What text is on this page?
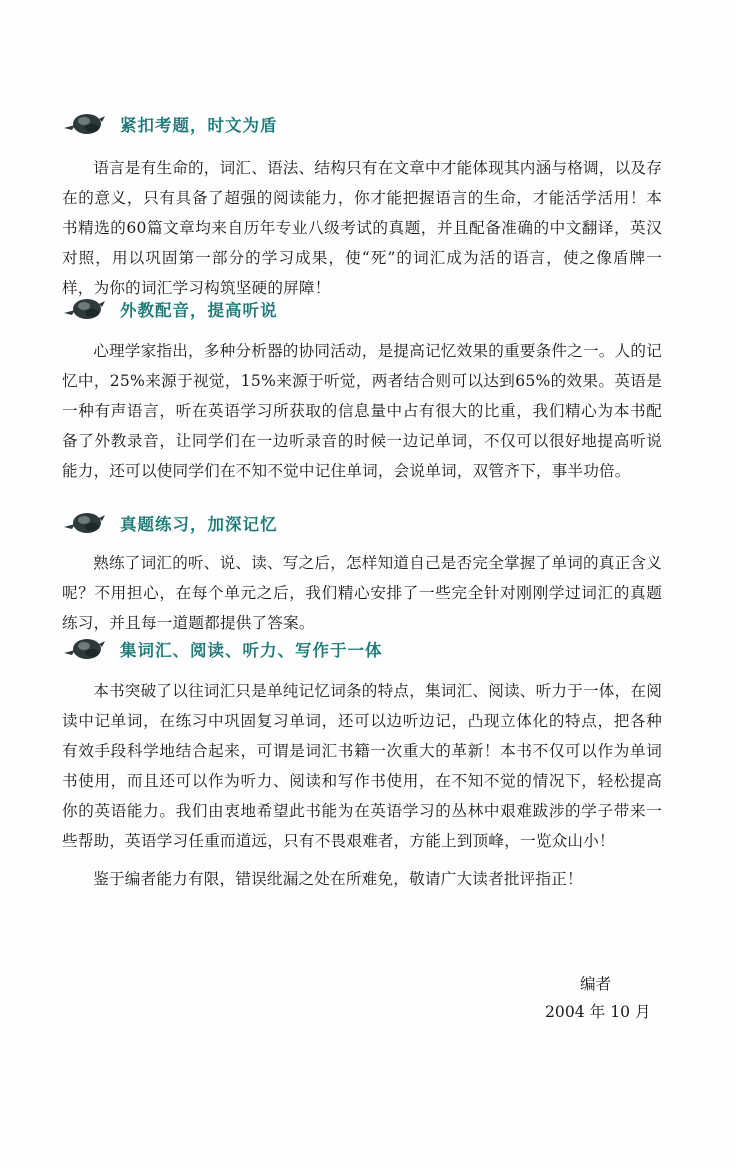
紧扣考题，时文为盾

语言是有生命的，词汇、语法、结构只有在文章中才能体现其内涵与格调，以及存在的意义，只有具备了超强的阅读能力，你才能把握语言的生命，才能活学活用！本书精选的60篇文章均来自历年专业八级考试的真题，并且配备准确的中文翻译，英汉对照，用以巩固第一部分的学习成果，使“死”的词汇成为活的语言，使之像盾牌一样，为你的词汇学习构筑坚硬的屏障！

外教配音，提高听说

心理学家指出，多种分析器的协同活动，是提高记忆效果的重要条件之一。人的记忆中，25%来源于视觉，15%来源于听觉，两者结合则可以达到65%的效果。英语是一种有声语言，听在英语学习所获取的信息量中占有很大的比重，我们精心为本书配备了外教录音，让同学们在一边听录音的时候一边记单词，不仅可以很好地提高听说能力，还可以使同学们在不知不觉中记住单词，会说单词，双管齐下，事半功倍。

真题练习，加深记忆

熟练了词汇的听、说、读、写之后，怎样知道自己是否完全掌握了单词的真正含义呢？不用担心，在每个单元之后，我们精心安排了一些完全针对刚刚学过词汇的真题练习，并且每一道题都提供了答案。

集词汇、阅读、听力、写作于一体

本书突破了以往词汇只是单纯记忆词条的特点，集词汇、阅读、听力于一体，在阅读中记单词，在练习中巩固复习单词，还可以边听边记，凸现立体化的特点，把各种有效手段科学地结合起来，可谓是词汇书籍一次重大的革新！本书不仅可以作为单词书使用，而且还可以作为听力、阅读和写作书使用，在不知不觉的情况下，轻松提高你的英语能力。我们由衷地希望此书能为在英语学习的丛林中艰难跋涉的学子带来一些帮助，英语学习任重而道远，只有不畏艰难者，方能上到顶峰，一览众山小！

鉴于编者能力有限，错误纰漏之处在所难免，敬请广大读者批评指正！

编者
2004 年 10 月
